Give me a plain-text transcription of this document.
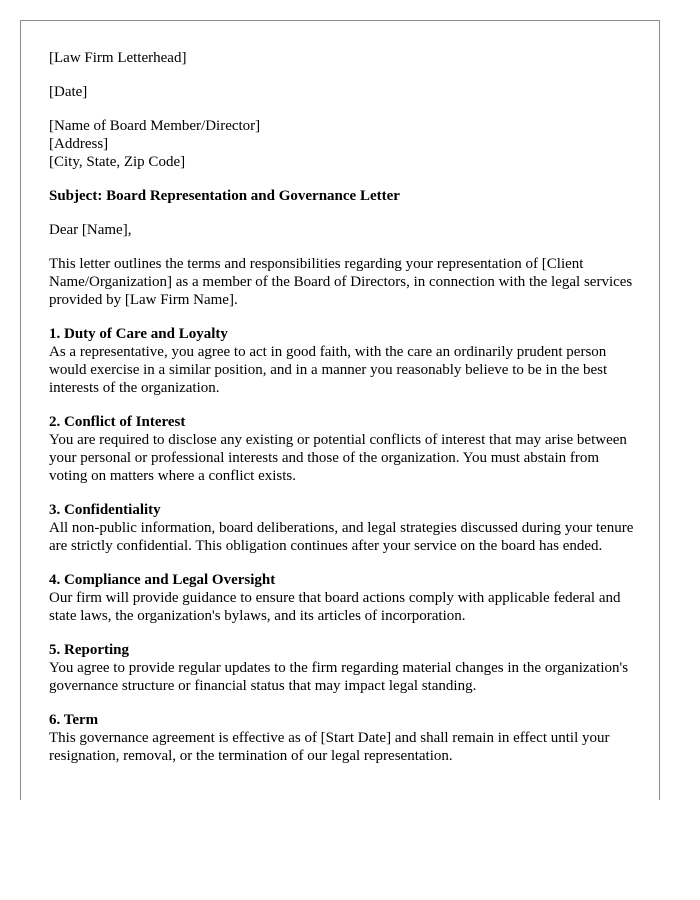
[Law Firm Letterhead]

[Date]

[Name of Board Member/Director]
[Address]
[City, State, Zip Code]

Subject: Board Representation and Governance Letter

Dear [Name],

This letter outlines the terms and responsibilities regarding your representation of [Client Name/Organization] as a member of the Board of Directors, in connection with the legal services provided by [Law Firm Name].

1. Duty of Care and Loyalty
As a representative, you agree to act in good faith, with the care an ordinarily prudent person would exercise in a similar position, and in a manner you reasonably believe to be in the best interests of the organization.
2. Conflict of Interest
You are required to disclose any existing or potential conflicts of interest that may arise between your personal or professional interests and those of the organization. You must abstain from voting on matters where a conflict exists.
3. Confidentiality
All non-public information, board deliberations, and legal strategies discussed during your tenure are strictly confidential. This obligation continues after your service on the board has ended.
4. Compliance and Legal Oversight
Our firm will provide guidance to ensure that board actions comply with applicable federal and state laws, the organization's bylaws, and its articles of incorporation.
5. Reporting
You agree to provide regular updates to the firm regarding material changes in the organization's governance structure or financial status that may impact legal standing.
6. Term
This governance agreement is effective as of [Start Date] and shall remain in effect until your resignation, removal, or the termination of our legal representation.
